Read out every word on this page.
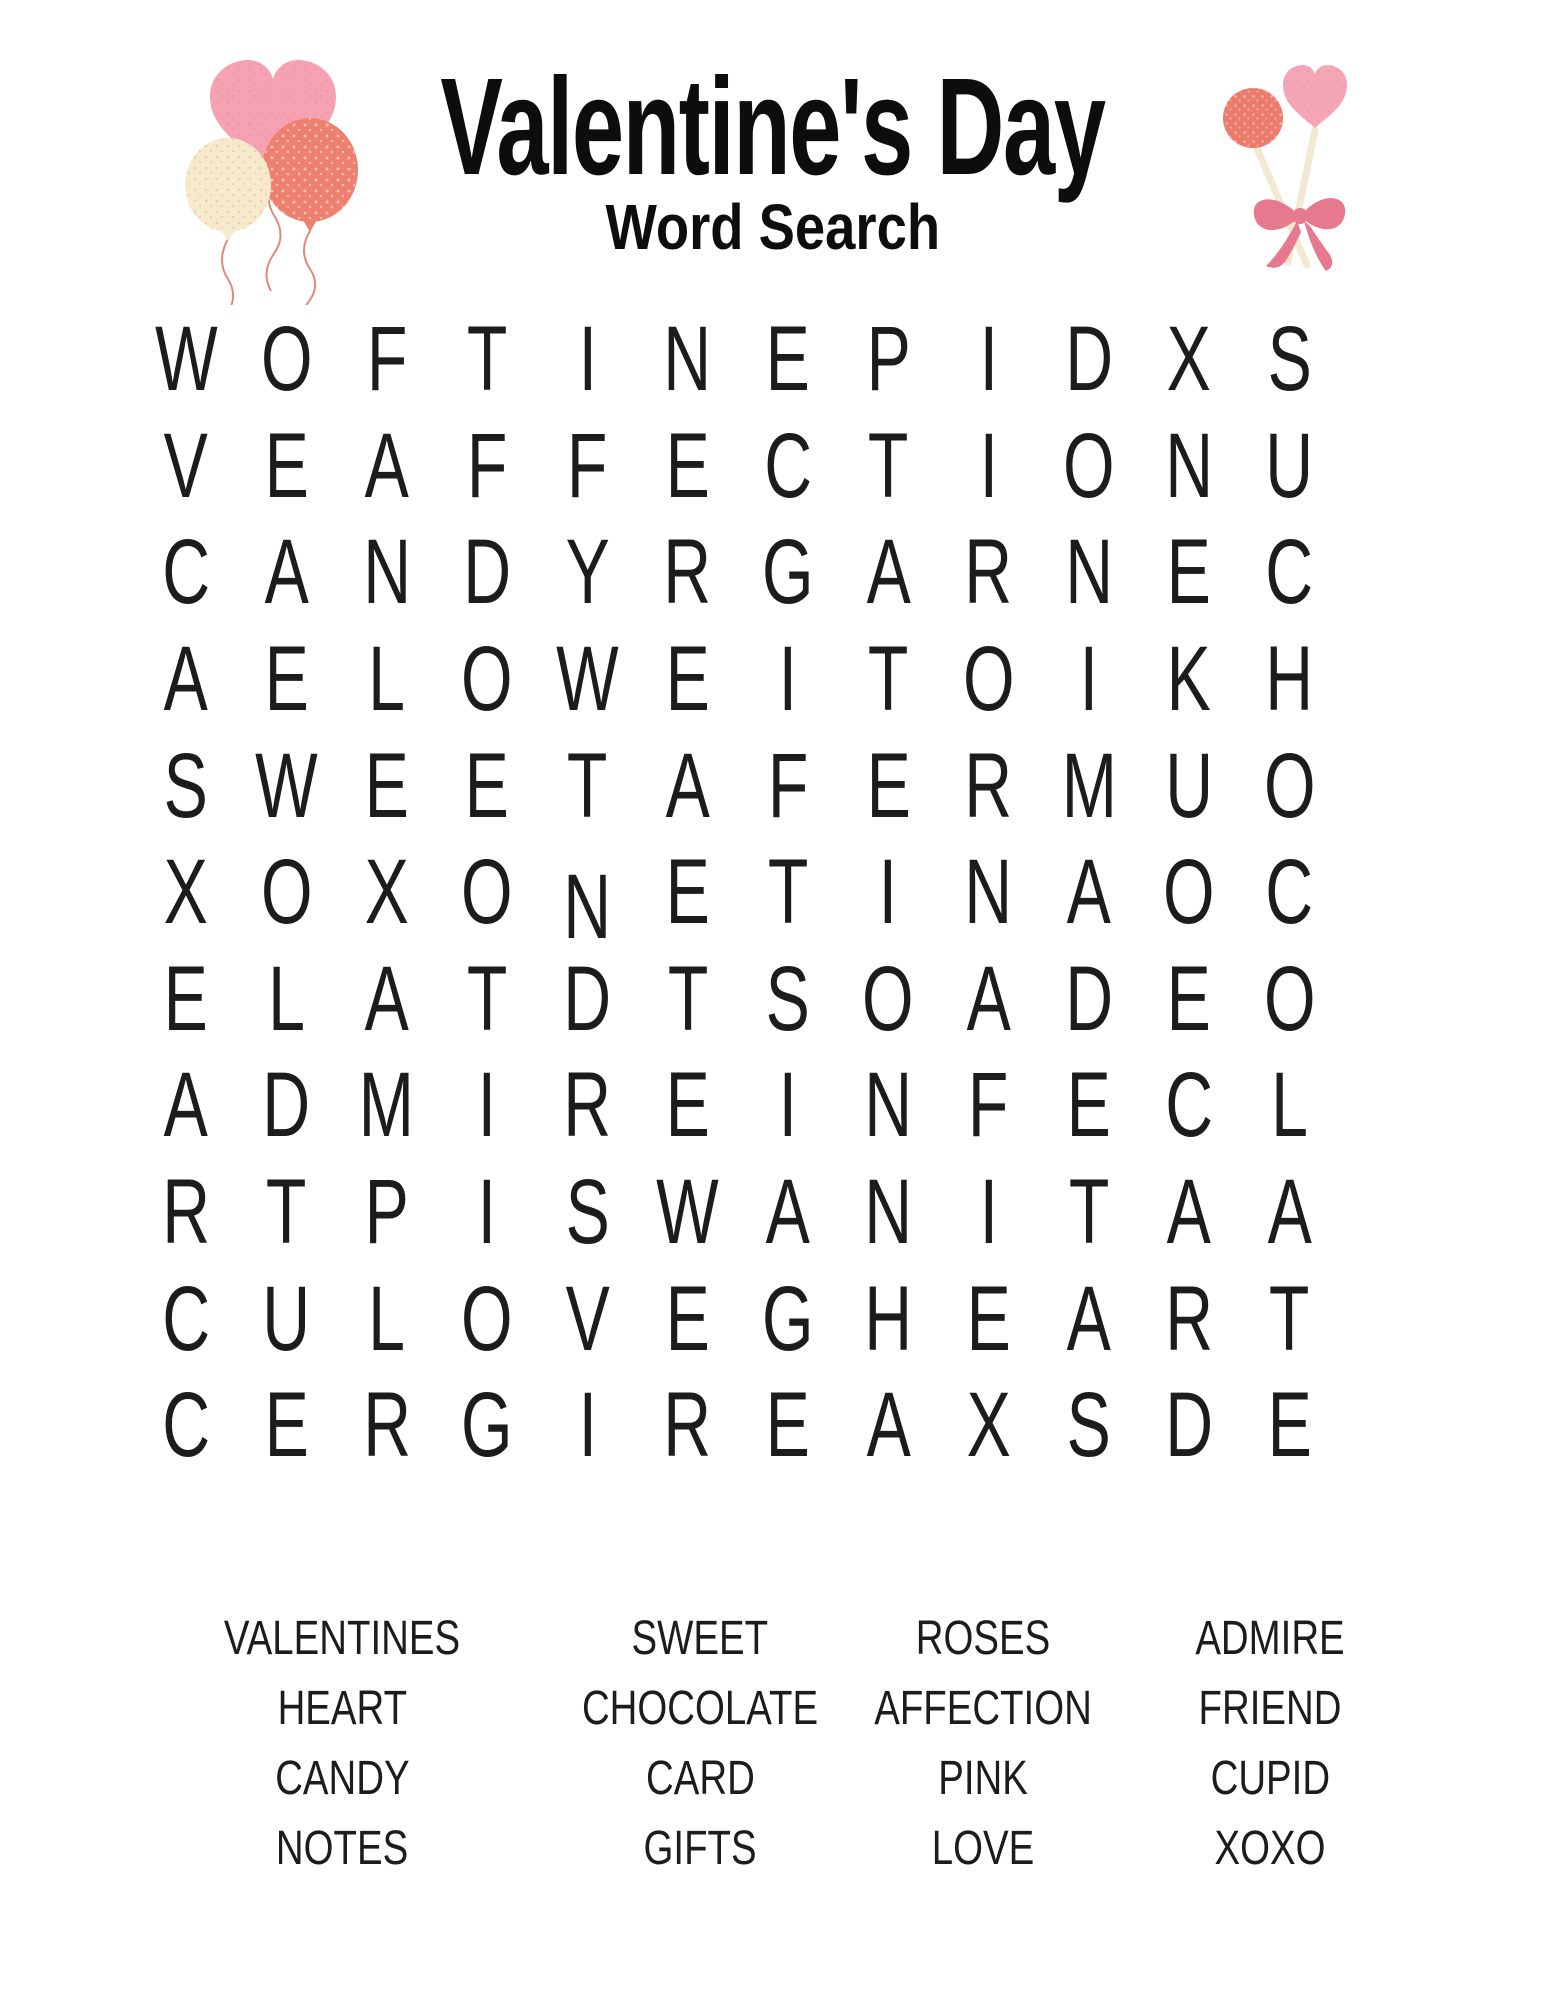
Valentine's Day
Word Search
W O F T I N E P I D X S
V E A F F E C T I O N U
C A N D Y R G A R N E C
A E L O W E I T O I K H
S W E E T A F E R M U O
X O X O N E T I N A O C
E L A T D T S O A D E O
A D M I R E I N F E C L
R T P I S W A N I T A A
C U L O V E G H E A R T
C E R G I R E A X S D E
VALENTINES
HEART
CANDY
NOTES
SWEET
CHOCOLATE
CARD
GIFTS
ROSES
AFFECTION
PINK
LOVE
ADMIRE
FRIEND
CUPID
XOXO
